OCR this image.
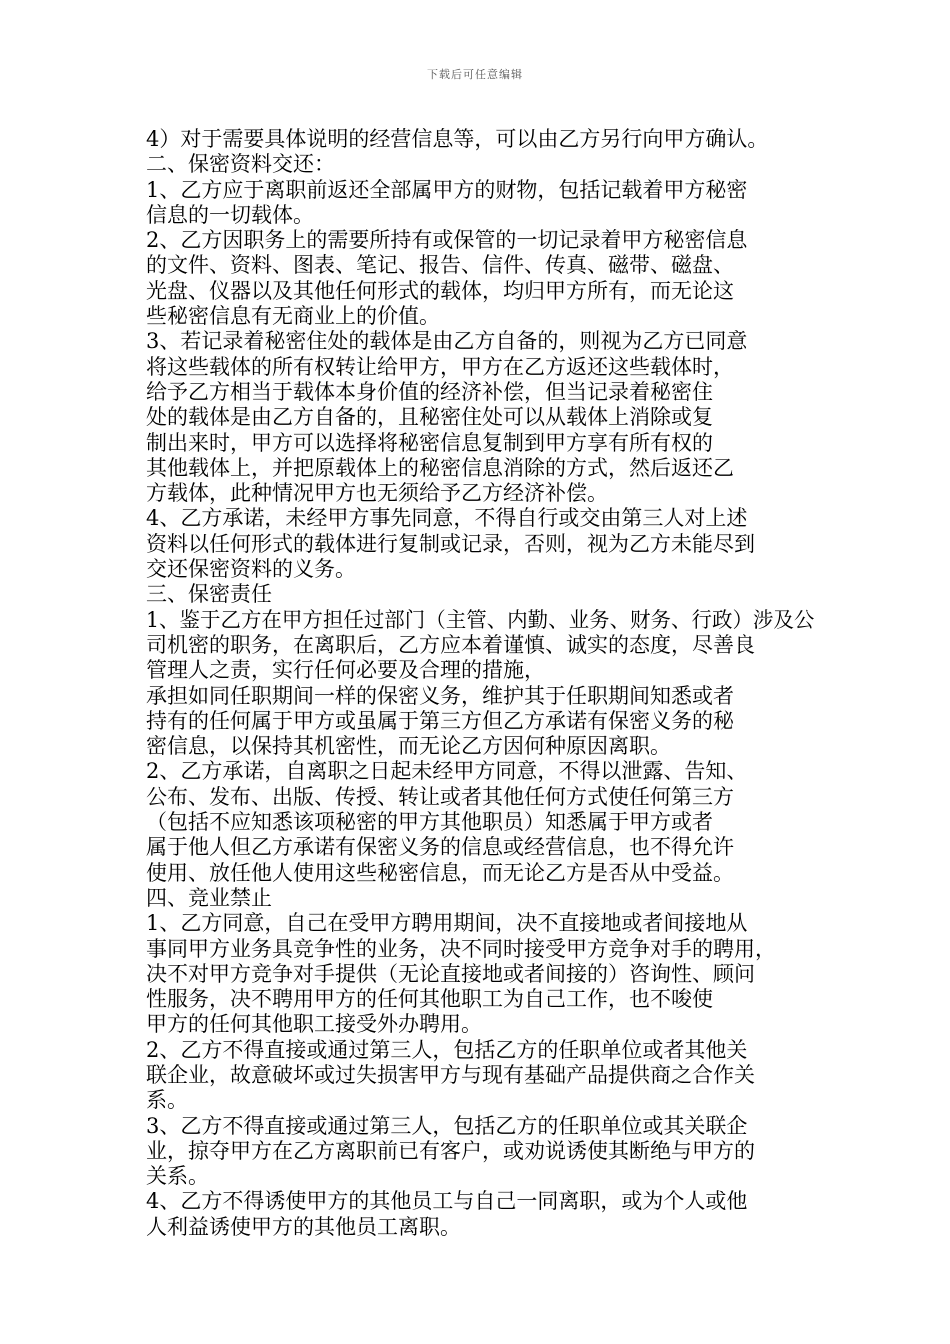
下载后可任意编辑
4）对于需要具体说明的经营信息等，可以由乙方另行向甲方确认。
二、保密资料交还：
1、乙方应于离职前返还全部属甲方的财物，包括记载着甲方秘密
信息的一切载体。
2、乙方因职务上的需要所持有或保管的一切记录着甲方秘密信息
的文件、资料、图表、笔记、报告、信件、传真、磁带、磁盘、
光盘、仪器以及其他任何形式的载体，均归甲方所有，而无论这
些秘密信息有无商业上的价值。
3、若记录着秘密住处的载体是由乙方自备的，则视为乙方已同意
将这些载体的所有权转让给甲方，甲方在乙方返还这些载体时，
给予乙方相当于载体本身价值的经济补偿，但当记录着秘密住
处的载体是由乙方自备的，且秘密住处可以从载体上消除或复
制出来时，甲方可以选择将秘密信息复制到甲方享有所有权的
其他载体上，并把原载体上的秘密信息消除的方式，然后返还乙
方载体，此种情况甲方也无须给予乙方经济补偿。
4、乙方承诺，未经甲方事先同意，不得自行或交由第三人对上述
资料以任何形式的载体进行复制或记录，否则，视为乙方未能尽到
交还保密资料的义务。
三、保密责任
1、鉴于乙方在甲方担任过部门（主管、内勤、业务、财务、行政）涉及公
司机密的职务，在离职后，乙方应本着谨慎、诚实的态度，尽善良
管理人之责，实行任何必要及合理的措施，
承担如同任职期间一样的保密义务，维护其于任职期间知悉或者
持有的任何属于甲方或虽属于第三方但乙方承诺有保密义务的秘
密信息，以保持其机密性，而无论乙方因何种原因离职。
2、乙方承诺，自离职之日起未经甲方同意，不得以泄露、告知、
公布、发布、出版、传授、转让或者其他任何方式使任何第三方
（包括不应知悉该项秘密的甲方其他职员）知悉属于甲方或者
属于他人但乙方承诺有保密义务的信息或经营信息，也不得允许
使用、放任他人使用这些秘密信息，而无论乙方是否从中受益。
四、竞业禁止
1、乙方同意，自己在受甲方聘用期间，决不直接地或者间接地从
事同甲方业务具竞争性的业务，决不同时接受甲方竞争对手的聘用，
决不对甲方竞争对手提供（无论直接地或者间接的）咨询性、顾问
性服务，决不聘用甲方的任何其他职工为自己工作，也不唆使
甲方的任何其他职工接受外办聘用。
2、乙方不得直接或通过第三人，包括乙方的任职单位或者其他关
联企业，故意破坏或过失损害甲方与现有基础产品提供商之合作关
系。
3、乙方不得直接或通过第三人，包括乙方的任职单位或其关联企
业，掠夺甲方在乙方离职前已有客户，或劝说诱使其断绝与甲方的
关系。
4、乙方不得诱使甲方的其他员工与自己一同离职，或为个人或他
人利益诱使甲方的其他员工离职。
